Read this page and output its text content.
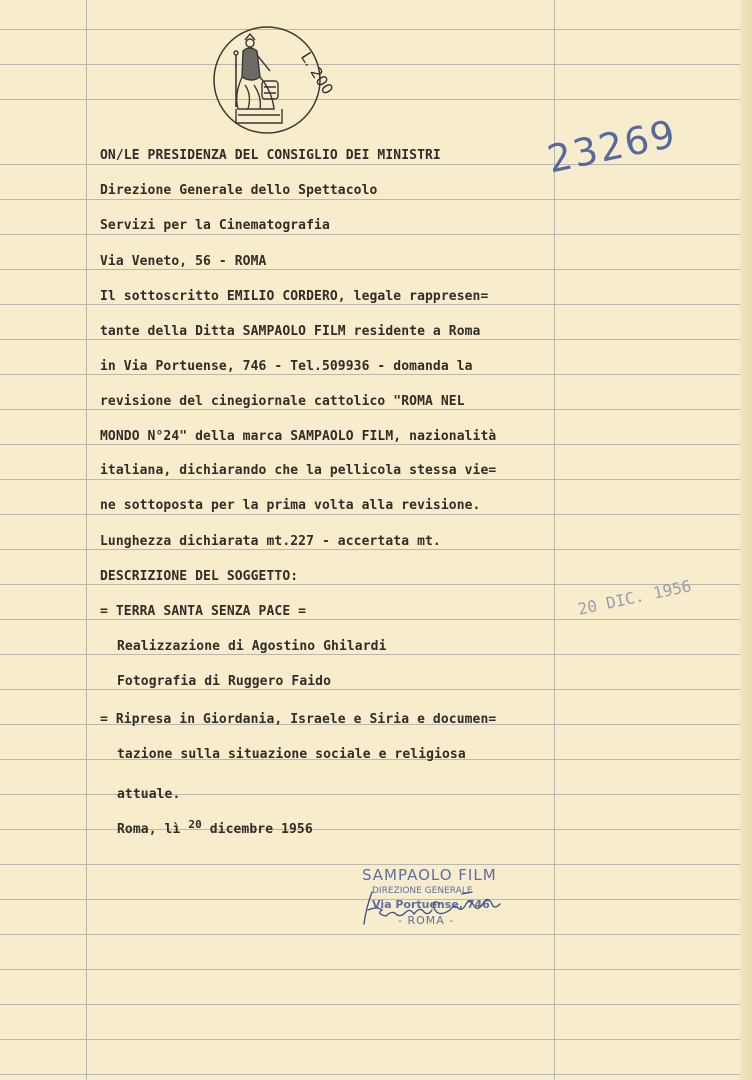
L. 200
23269
ON/LE PRESIDENZA DEL CONSIGLIO DEI MINISTRI
Direzione Generale dello Spettacolo
Servizi per la Cinematografia
Via Veneto, 56 - ROMA
Il sottoscritto EMILIO CORDERO, legale rappresen=
tante della Ditta SAMPAOLO FILM residente a Roma
in Via Portuense, 746 - Tel.509936 - domanda la
revisione del cinegiornale cattolico "ROMA NEL
MONDO N°24" della marca SAMPAOLO FILM, nazionalità
italiana, dichiarando che la pellicola stessa vie=
ne sottoposta per la prima volta alla revisione.
Lunghezza dichiarata mt.227 - accertata mt.
DESCRIZIONE DEL SOGGETTO:
= TERRA SANTA SENZA PACE =
Realizzazione di Agostino Ghilardi
Fotografia di Ruggero Faido
= Ripresa in Giordania, Israele e Siria e documen=
tazione sulla situazione sociale e religiosa
attuale.
Roma, lì $^{20}$ dicembre 1956
20 DIC. 1956
SAMPAOLO FILM
DIREZIONE GENERALE
Via Portuense, 746
- ROMA -
